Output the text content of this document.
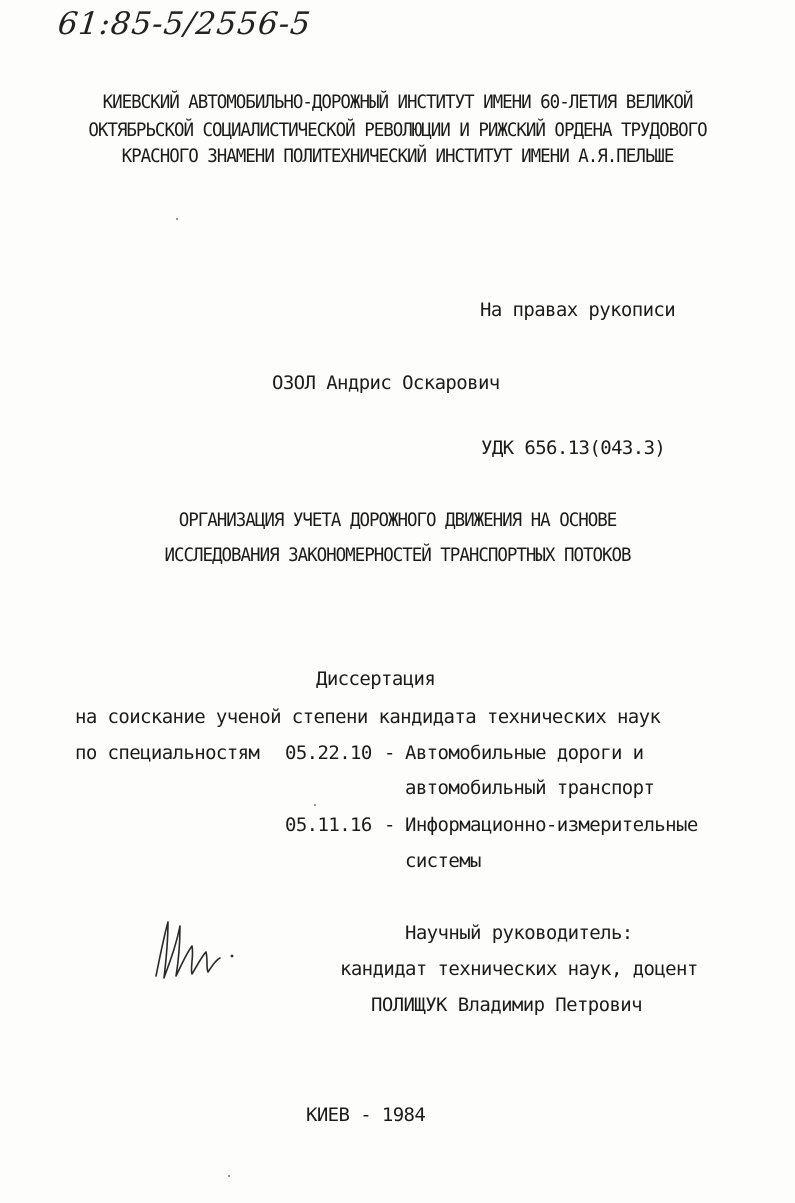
61:85-5/2556-5
КИЕВСКИЙ АВТОМОБИЛЬНО-ДОРОЖНЫЙ ИНСТИТУТ ИМЕНИ 60-ЛЕТИЯ ВЕЛИКОЙ
ОКТЯБРЬСКОЙ СОЦИАЛИСТИЧЕСКОЙ РЕВОЛЮЦИИ И РИЖСКИЙ ОРДЕНА ТРУДОВОГО
КРАСНОГО ЗНАМЕНИ ПОЛИТЕХНИЧЕСКИЙ ИНСТИТУТ ИМЕНИ А.Я.ПЕЛЬШЕ
На правах рукописи
ОЗОЛ Андрис Оскарович
УДК 656.13(043.3)
ОРГАНИЗАЦИЯ УЧЕТА ДОРОЖНОГО ДВИЖЕНИЯ НА ОСНОВЕ
ИССЛЕДОВАНИЯ ЗАКОНОМЕРНОСТЕЙ ТРАНСПОРТНЫХ ПОТОКОВ
Диссертация
на соискание ученой степени кандидата технических наук
по специальностям 05.22.10 - Автомобильные дороги и
автомобильный транспорт
05.11.16 - Информационно-измерительные
системы
Научный руководитель:
кандидат технических наук, доцент
ПОЛИЩУК Владимир Петрович
КИЕВ - 1984
